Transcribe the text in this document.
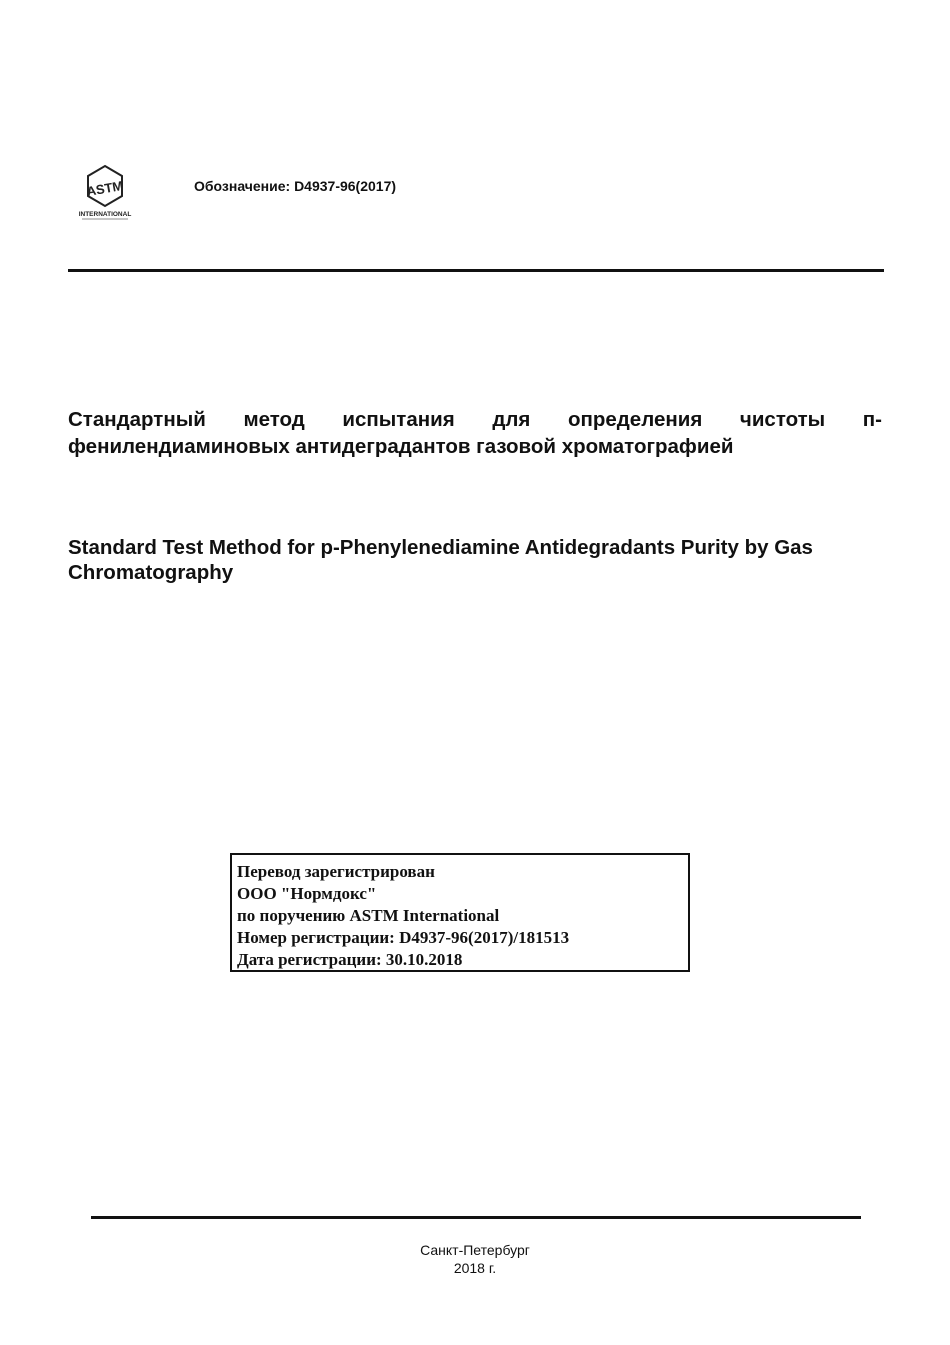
ASTM
INTERNATIONAL
Обозначение: D4937-96(2017)
Стандартный метод испытания для определения чистоты п-
фенилендиаминовых антидеградантов газовой хроматографией
Standard Test Method for p-Phenylenediamine Antidegradants Purity by Gas Chromatography
Перевод зарегистрирован
ООО "Нормдокс"
по поручению ASTM International
Номер регистрации: D4937-96(2017)/181513
Дата регистрации: 30.10.2018
Санкт-Петербург
2018 г.
